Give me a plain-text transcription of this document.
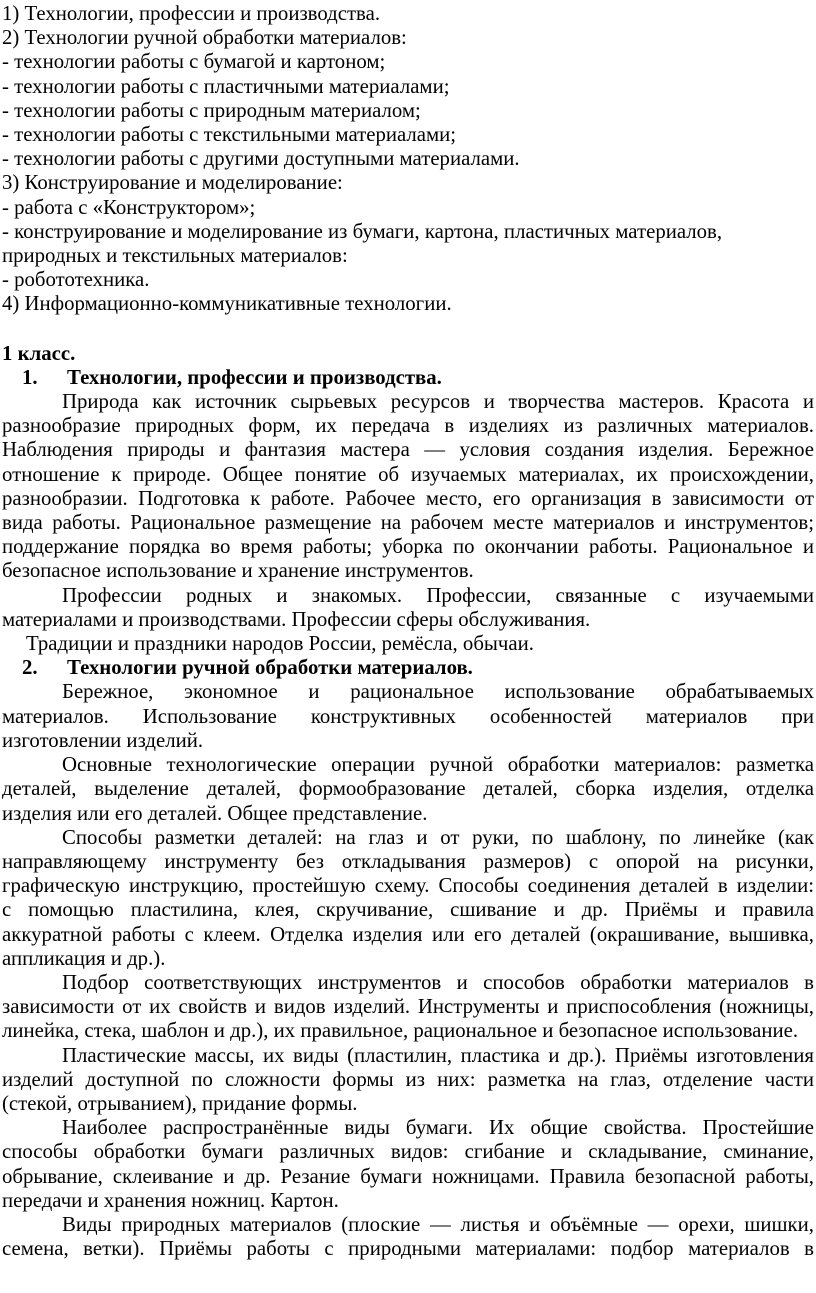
1) Технологии, профессии и производства.

2) Технологии ручной обработки материалов:

- технологии работы с бумагой и картоном;

- технологии работы с пластичными материалами;

- технологии работы с природным материалом;

- технологии работы с текстильными материалами;

- технологии работы с другими доступными материалами.

3) Конструирование и моделирование:

- работа с «Конструктором»;

- конструирование и моделирование из бумаги, картона, пластичных материалов,

природных и текстильных материалов:

- робототехника.

4) Информационно-коммуникативные технологии.

1 класс.

1.	Технологии, профессии и производства.
Природа как источник сырьевых ресурсов и творчества мастеров. Красота и
разнообразие природных форм, их передача в изделиях из различных материалов.
Наблюдения природы и фантазия мастера — условия создания изделия. Бережное
отношение к природе. Общее понятие об изучаемых материалах, их происхождении,
разнообразии. Подготовка к работе. Рабочее место, его организация в зависимости от
вида работы. Рациональное размещение на рабочем месте материалов и инструментов;
поддержание порядка во время работы; уборка по окончании работы. Рациональное и
безопасное использование и хранение инструментов.
Профессии родных и знакомых. Профессии, связанные с изучаемыми
материалами и производствами. Профессии сферы обслуживания.
Традиции и праздники народов России, ремёсла, обычаи.
2.	Технологии ручной обработки материалов.
Бережное, экономное и рациональное использование обрабатываемых
материалов. Использование конструктивных особенностей материалов при
изготовлении изделий.
Основные технологические операции ручной обработки материалов: разметка
деталей, выделение деталей, формообразование деталей, сборка изделия, отделка
изделия или его деталей. Общее представление.
Способы разметки деталей: на глаз и от руки, по шаблону, по линейке (как
направляющему инструменту без откладывания размеров) с опорой на рисунки,
графическую инструкцию, простейшую схему. Способы соединения деталей в изделии:
с помощью пластилина, клея, скручивание, сшивание и др. Приёмы и правила
аккуратной работы с клеем. Отделка изделия или его деталей (окрашивание, вышивка,
аппликация и др.).
Подбор соответствующих инструментов и способов обработки материалов в
зависимости от их свойств и видов изделий. Инструменты и приспособления (ножницы,
линейка, стека, шаблон и др.), их правильное, рациональное и безопасное использование.
Пластические массы, их виды (пластилин, пластика и др.). Приёмы изготовления
изделий доступной по сложности формы из них: разметка на глаз, отделение части
(стекой, отрыванием), придание формы.
Наиболее распространённые виды бумаги. Их общие свойства. Простейшие
способы обработки бумаги различных видов: сгибание и складывание, сминание,
обрывание, склеивание и др. Резание бумаги ножницами. Правила безопасной работы,
передачи и хранения ножниц. Картон.
Виды природных материалов (плоские — листья и объёмные — орехи, шишки,
семена, ветки). Приёмы работы с природными материалами: подбор материалов в
